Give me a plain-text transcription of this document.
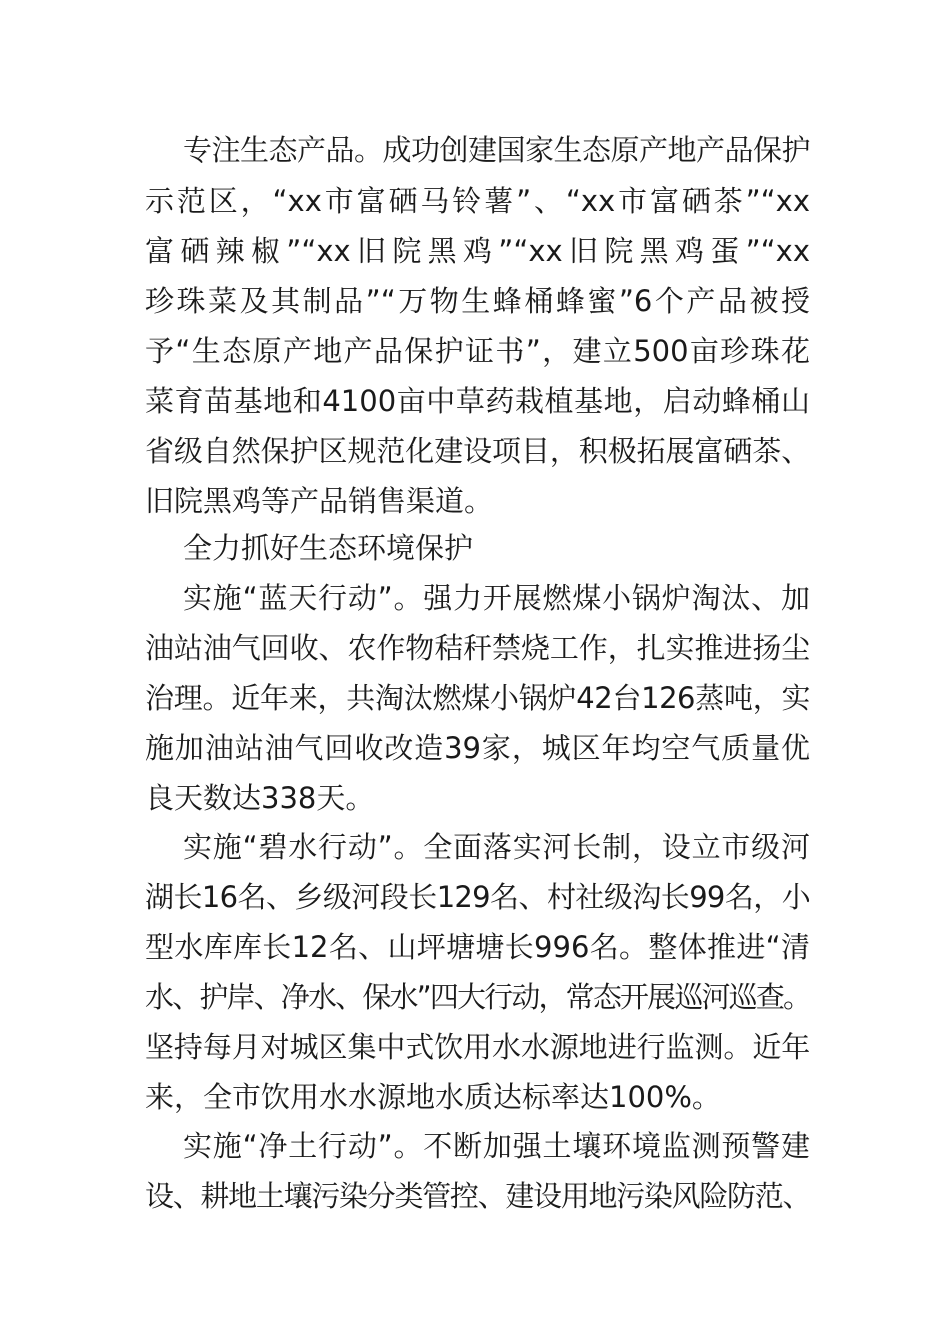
专注生态产品。成功创建国家生态原产地产品保护
示范区，“xx市富硒马铃薯”、“xx市富硒茶”“xx
富硒辣椒”“xx旧院黑鸡”“xx旧院黑鸡蛋”“xx
珍珠菜及其制品”“万物生蜂桶蜂蜜”6个产品被授
予“生态原产地产品保护证书”，建立500亩珍珠花
菜育苗基地和4100亩中草药栽植基地，启动蜂桶山
省级自然保护区规范化建设项目，积极拓展富硒茶、
旧院黑鸡等产品销售渠道。
全力抓好生态环境保护
实施“蓝天行动”。强力开展燃煤小锅炉淘汰、加
油站油气回收、农作物秸秆禁烧工作，扎实推进扬尘
治理。近年来，共淘汰燃煤小锅炉42台126蒸吨，实
施加油站油气回收改造39家，城区年均空气质量优
良天数达338天。
实施“碧水行动”。全面落实河长制，设立市级河
湖长16名、乡级河段长129名、村社级沟长99名，小
型水库库长12名、山坪塘塘长996名。整体推进“清
水、护岸、净水、保水”四大行动，常态开展巡河巡查。
坚持每月对城区集中式饮用水水源地进行监测。近年
来，全市饮用水水源地水质达标率达100%。
实施“净土行动”。不断加强土壤环境监测预警建
设、耕地土壤污染分类管控、建设用地污染风险防范、
